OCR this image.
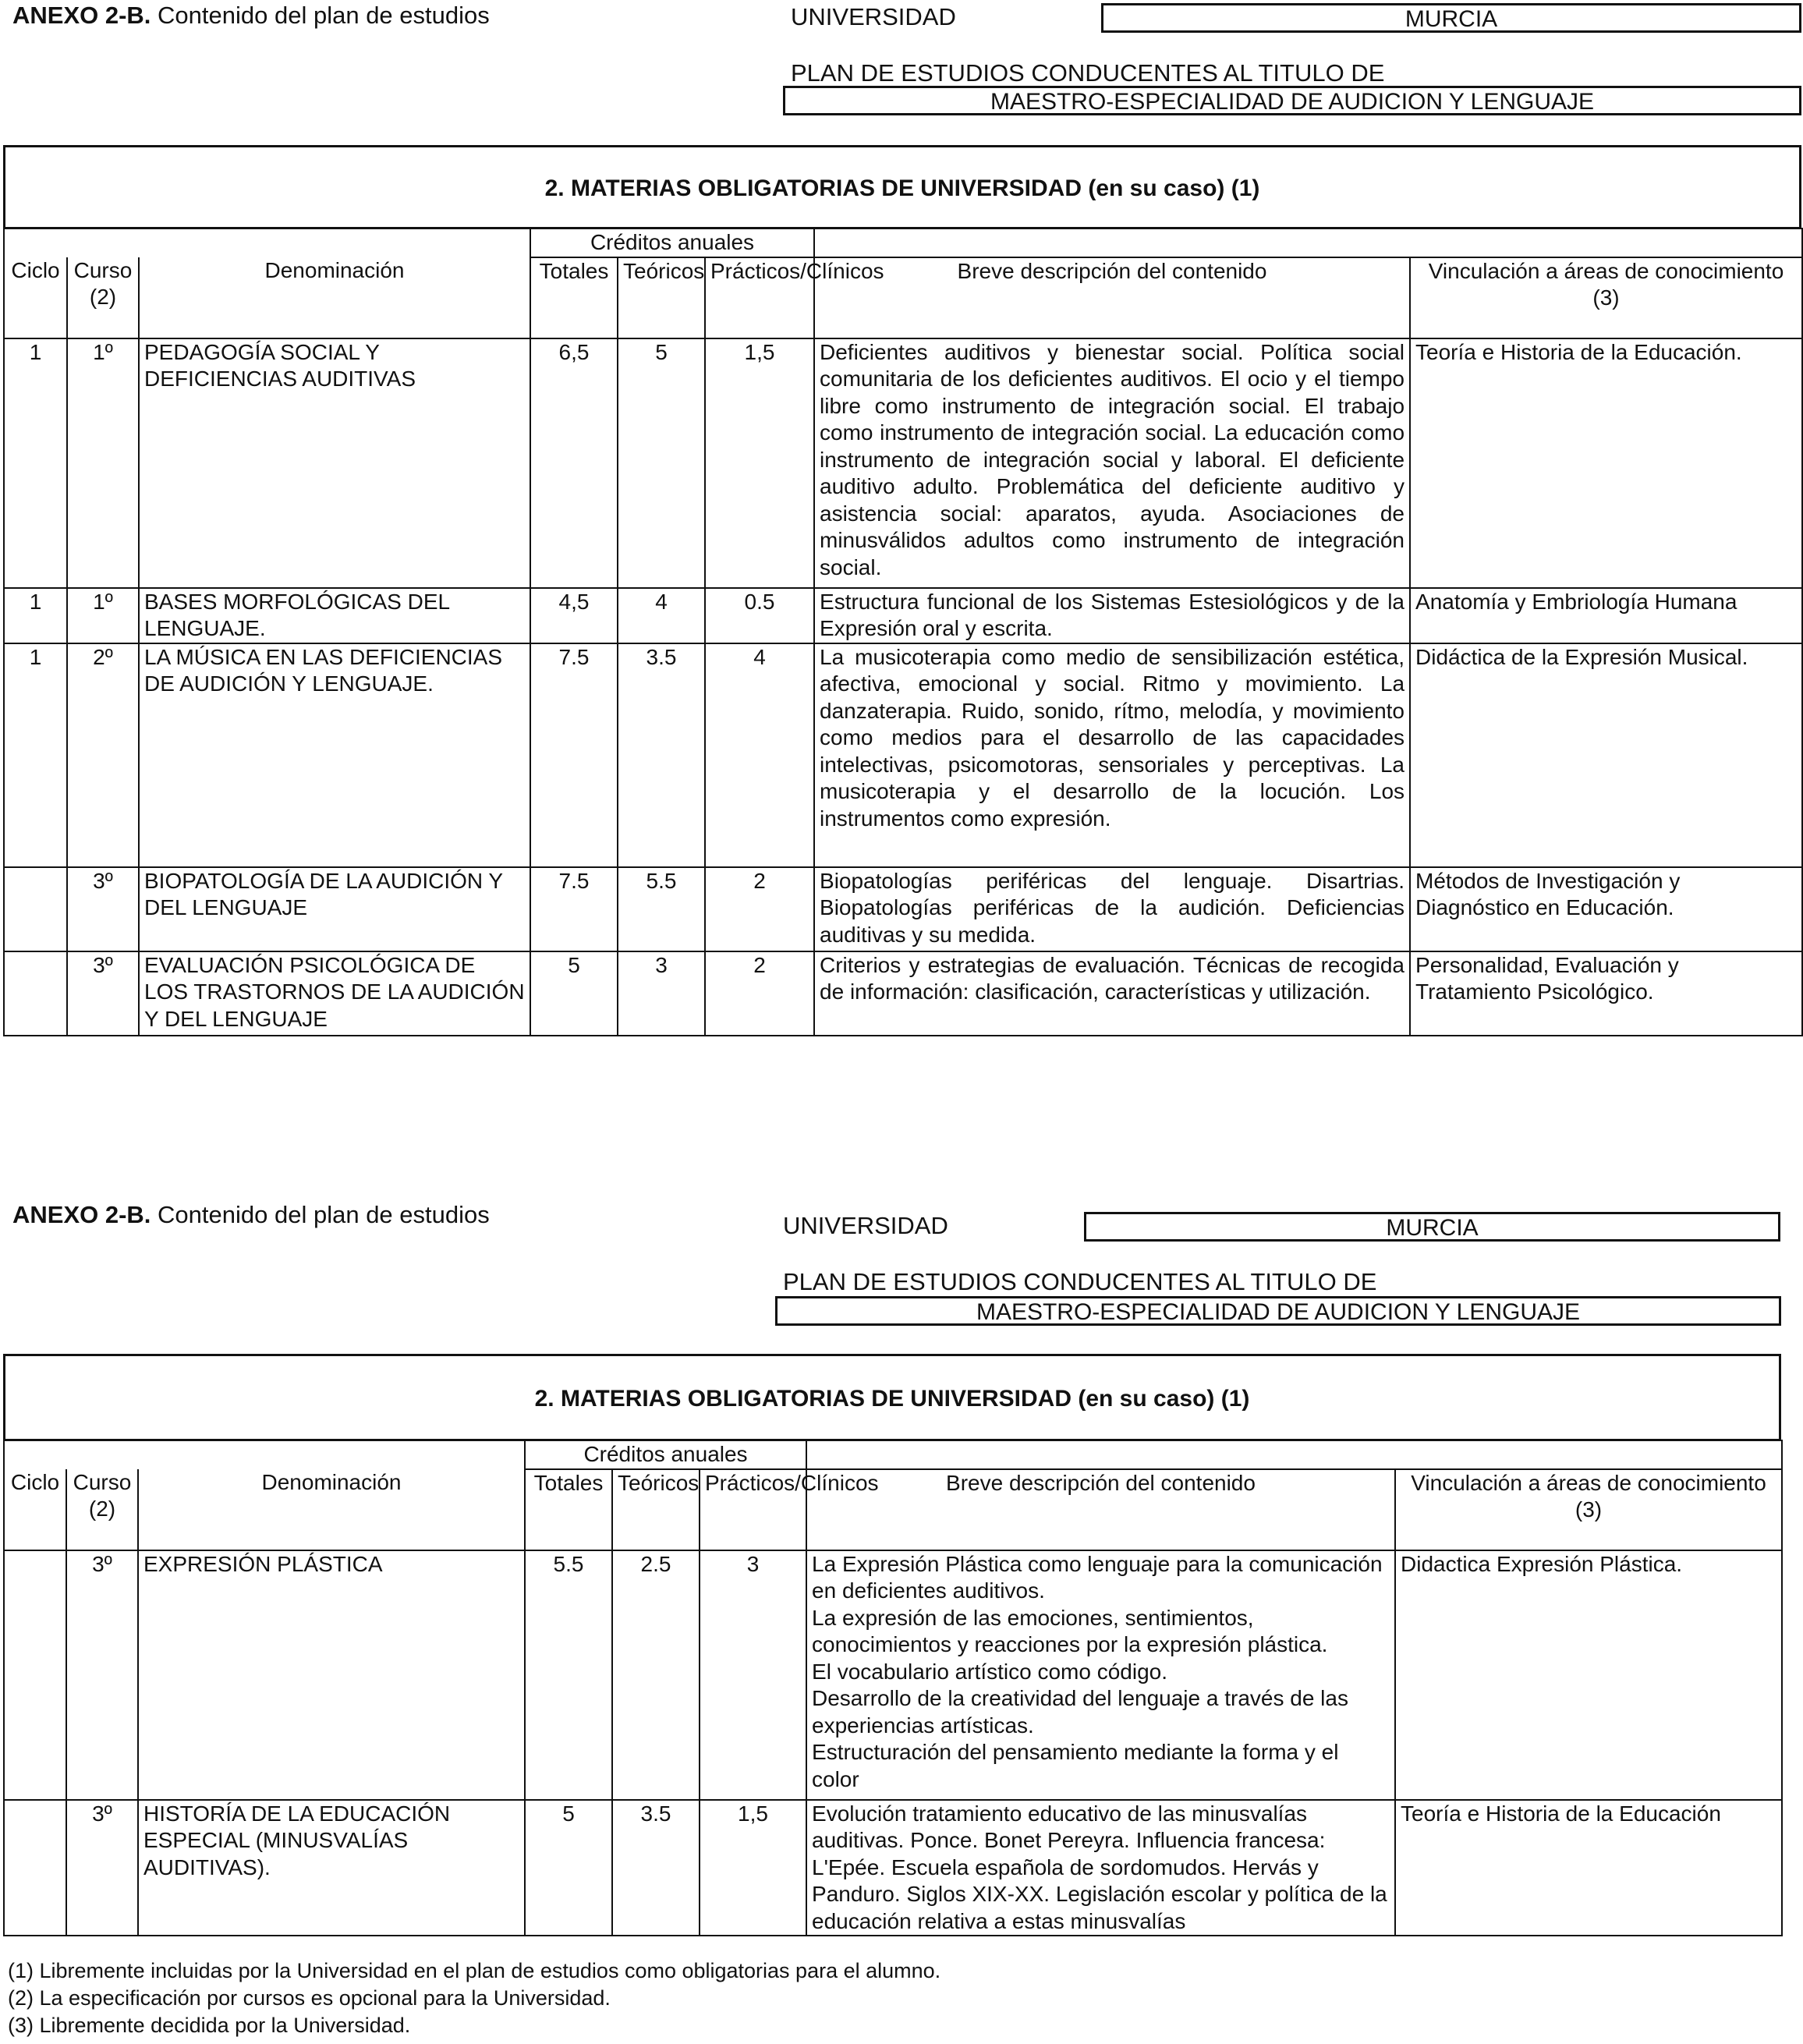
ANEXO 2-B. Contenido del plan de estudios	UNIVERSIDAD	MURCIA
PLAN DE ESTUDIOS CONDUCENTES AL TITULO DE
MAESTRO-ESPECIALIDAD DE AUDICION Y LENGUAJE
2. MATERIAS OBLIGATORIAS DE UNIVERSIDAD (en su caso) (1)
			Créditos anuales				
Ciclo	Curso (2)	Denominación	Totales	Teóricos	Prácticos/Clínicos	Breve descripción del contenido	Vinculación a áreas de conocimiento (3)
1	1º	PEDAGOGÍA SOCIAL Y DEFICIENCIAS AUDITIVAS	6,5	5	1,5	Deficientes auditivos y bienestar social. Política social comunitaria de los deficientes auditivos. El ocio y el tiempo libre como instrumento de integración social. El trabajo como instrumento de integración social. La educación como instrumento de integración social y laboral. El deficiente auditivo adulto. Problemática del deficiente auditivo y asistencia social: aparatos, ayuda. Asociaciones de minusválidos adultos como instrumento de integración social.	Teoría e Historia de la Educación.
1	1º	BASES MORFOLÓGICAS DEL LENGUAJE.	4,5	4	0.5	Estructura funcional de los Sistemas Estesiológicos y de la Expresión oral y escrita.	Anatomía y Embriología Humana
1	2º	LA MÚSICA EN LAS DEFICIENCIAS DE AUDICIÓN Y LENGUAJE.	7.5	3.5	4	La musicoterapia como medio de sensibilización estética, afectiva, emocional y social. Ritmo y movimiento. La danzaterapia. Ruido, sonido, rítmo, melodía, y movimiento como medios para el desarrollo de las capacidades intelectivas, psicomotoras, sensoriales y perceptivas. La musicoterapia y el desarrollo de la locución. Los instrumentos como expresión.	Didáctica de la Expresión Musical.
	3º	BIOPATOLOGÍA DE LA AUDICIÓN Y DEL LENGUAJE	7.5	5.5	2	Biopatologías periféricas del lenguaje. Disartrias. Biopatologías periféricas de la audición. Deficiencias auditivas y su medida.	Métodos de Investigación y Diagnóstico en Educación.
	3º	EVALUACIÓN PSICOLÓGICA DE LOS TRASTORNOS DE LA AUDICIÓN Y DEL LENGUAJE	5	3	2	Criterios y estrategias de evaluación. Técnicas de recogida de información: clasificación, características y utilización.	Personalidad, Evaluación y Tratamiento Psicológico.
ANEXO 2-B. Contenido del plan de estudios	UNIVERSIDAD	MURCIA
PLAN DE ESTUDIOS CONDUCENTES AL TITULO DE
MAESTRO-ESPECIALIDAD DE AUDICION Y LENGUAJE
2. MATERIAS OBLIGATORIAS DE UNIVERSIDAD (en su caso) (1)
			Créditos anuales				
Ciclo	Curso (2)	Denominación	Totales	Teóricos	Prácticos/Clínicos	Breve descripción del contenido	Vinculación a áreas de conocimiento (3)
	3º	EXPRESIÓN PLÁSTICA	5.5	2.5	3	La Expresión Plástica como lenguaje para la comunicación en deficientes auditivos.
La expresión de las emociones, sentimientos, conocimientos y reacciones por la expresión plástica.
El vocabulario artístico como código.
Desarrollo de la creatividad del lenguaje a través de las experiencias artísticas.
Estructuración del pensamiento mediante la forma y el color	Didactica Expresión Plástica.
	3º	HISTORÍA DE LA EDUCACIÓN ESPECIAL (MINUSVALÍAS AUDITIVAS).	5	3.5	1,5	Evolución tratamiento educativo de las minusvalías auditivas. Ponce. Bonet Pereyra. Influencia francesa: L'Epée. Escuela española de sordomudos. Hervás y Panduro. Siglos XIX-XX. Legislación escolar y política de la educación relativa a estas minusvalías	Teoría e Historia de la Educación
(1) Libremente incluidas por la Universidad en el plan de estudios como obligatorias para el alumno.
(2) La especificación por cursos es opcional para la Universidad.
(3) Libremente decidida por la Universidad.
